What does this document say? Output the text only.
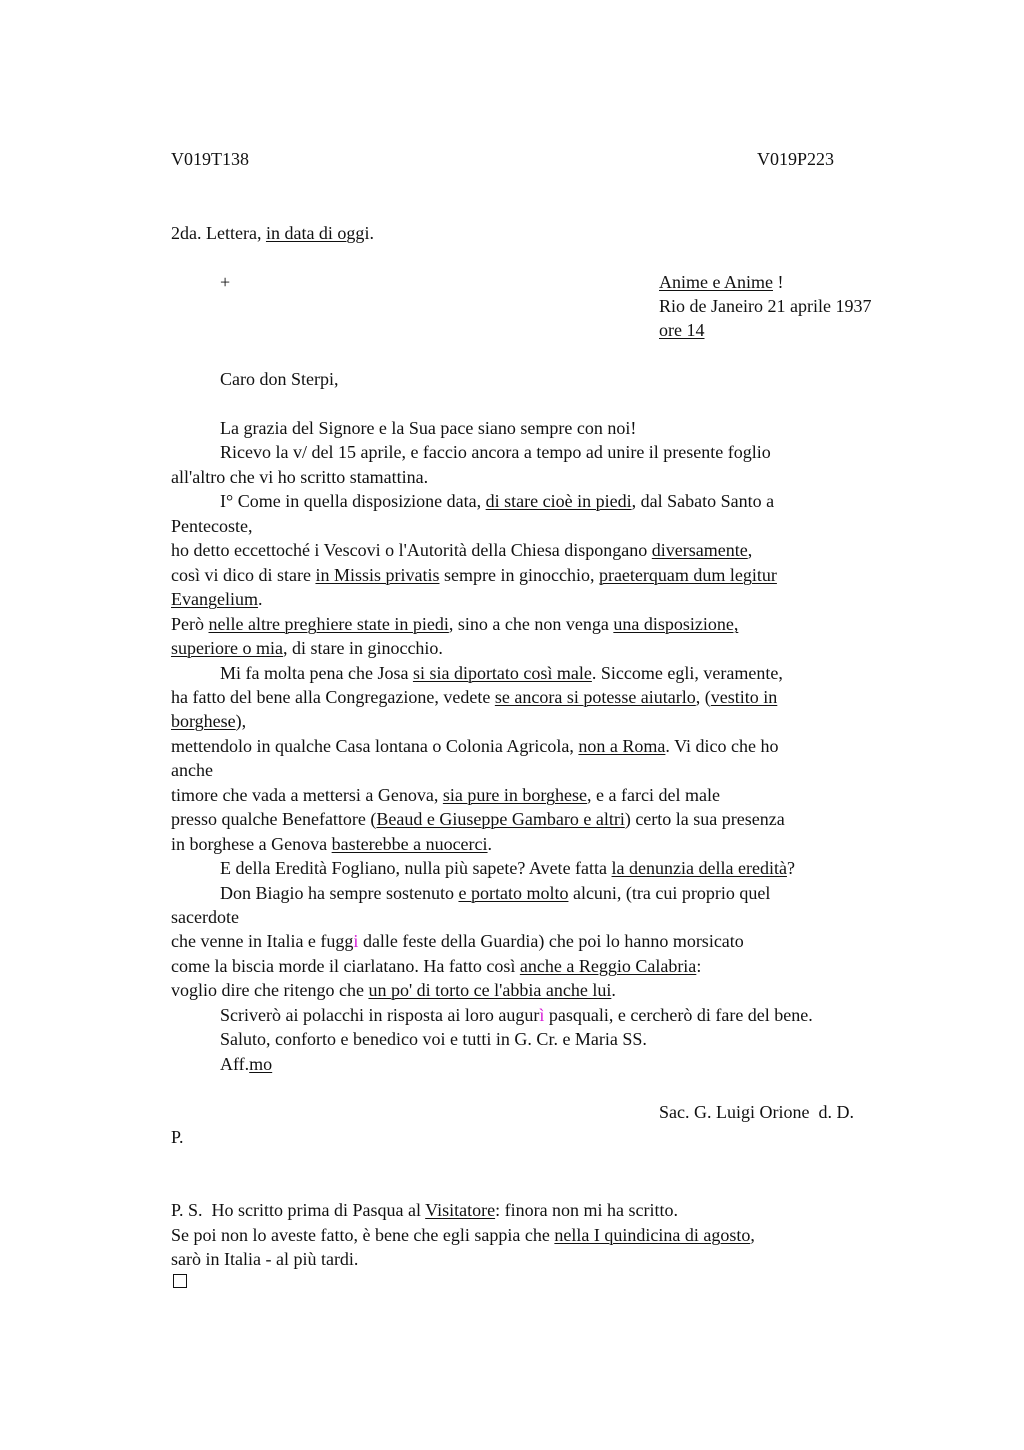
V019T138	V019P223
2da. Lettera, in data di oggi.
+	Anime e Anime !
Rio de Janeiro 21 aprile 1937
ore 14
Caro don Sterpi,
La grazia del Signore e la Sua pace siano sempre con noi!
Ricevo la v/ del 15 aprile, e faccio ancora a tempo ad unire il presente foglio
all'altro che vi ho scritto stamattina.
I° Come in quella disposizione data, di stare cioè in piedi, dal Sabato Santo a
Pentecoste,
ho detto eccettoché i Vescovi o l'Autorità della Chiesa dispongano diversamente,
così vi dico di stare in Missis privatis sempre in ginocchio, praeterquam dum legitur
Evangelium.
Però nelle altre preghiere state in piedi, sino a che non venga una disposizione,
superiore o mia, di stare in ginocchio.
Mi fa molta pena che Josa si sia diportato così male. Siccome egli, veramente,
ha fatto del bene alla Congregazione, vedete se ancora si potesse aiutarlo, (vestito in
borghese),
mettendolo in qualche Casa lontana o Colonia Agricola, non a Roma. Vi dico che ho
anche
timore che vada a mettersi a Genova, sia pure in borghese, e a farci del male
presso qualche Benefattore (Beaud e Giuseppe Gambaro e altri) certo la sua presenza
in borghese a Genova basterebbe a nuocerci.
E della Eredità Fogliano, nulla più sapete? Avete fatta la denunzia della eredità?
Don Biagio ha sempre sostenuto e portato molto alcuni, (tra cui proprio quel
sacerdote
che venne in Italia e fuggi dalle feste della Guardia) che poi lo hanno morsicato
come la biscia morde il ciarlatano. Ha fatto così anche a Reggio Calabria:
voglio dire che ritengo che un po' di torto ce l'abbia anche lui.
Scriverò ai polacchi in risposta ai loro augurì pasquali, e cercherò di fare del bene.
Saluto, conforto e benedico voi e tutti in G. Cr. e Maria SS.
Aff.mo
Sac. G. Luigi Orione  d. D.
P.
P. S.  Ho scritto prima di Pasqua al Visitatore: finora non mi ha scritto.
Se poi non lo aveste fatto, è bene che egli sappia che nella I quindicina di agosto,
sarò in Italia - al più tardi.
